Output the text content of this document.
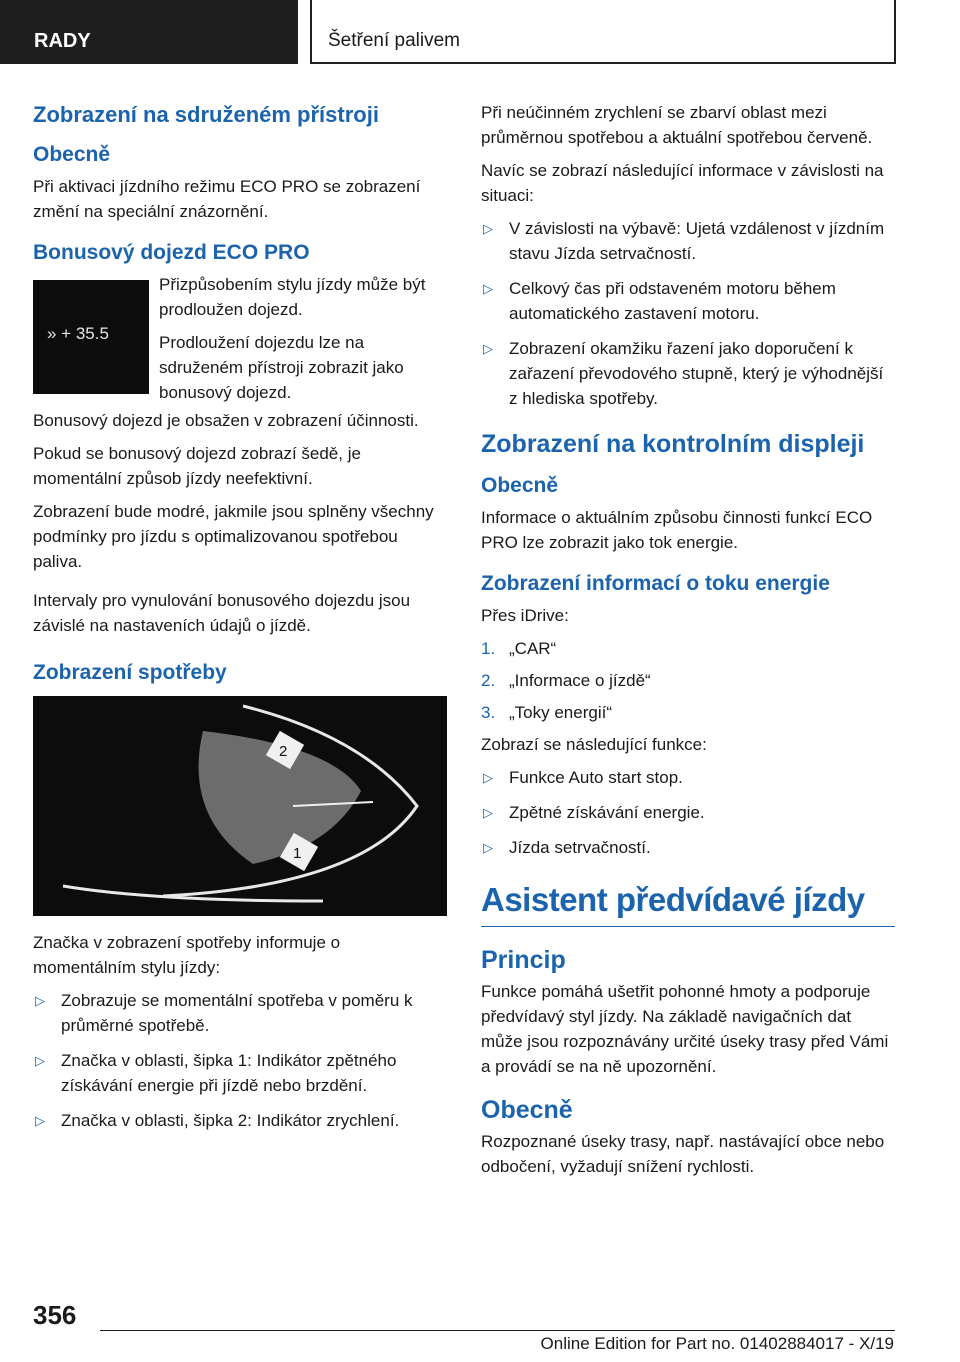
RADY	Šetření palivem
Zobrazení na sdruženém přístroji
Obecně

Při aktivaci jízdního režimu ECO PRO se zobrazení změní na speciální znázornění.

Bonusový dojezd ECO PRO
» + 35.5

Přizpůsobením stylu jízdy může být prodloužen dojezd.

Prodloužení dojezdu lze na sdruženém přístroji zobrazit jako bonusový dojezd.

Bonusový dojezd je obsažen v zobrazení účinnosti.

Pokud se bonusový dojezd zobrazí šedě, je momentální způsob jízdy neefektivní.

Zobrazení bude modré, jakmile jsou splněny všechny podmínky pro jízdu s optimalizovanou spotřebou paliva.

Intervaly pro vynulování bonusového dojezdu jsou závislé na nastaveních údajů o jízdě.

Zobrazení spotřeby
2
1

Značka v zobrazení spotřeby informuje o momentálním stylu jízdy:

▷ Zobrazuje se momentální spotřeba v poměru k průměrné spotřebě.
▷ Značka v oblasti, šipka 1: Indikátor zpětného získávání energie při jízdě nebo brzdění.
▷ Značka v oblasti, šipka 2: Indikátor zrychlení.

Při neúčinném zrychlení se zbarví oblast mezi průměrnou spotřebou a aktuální spotřebou červeně.

Navíc se zobrazí následující informace v závislosti na situaci:

▷ V závislosti na výbavě: Ujetá vzdálenost v jízdním stavu Jízda setrvačností.
▷ Celkový čas při odstaveném motoru během automatického zastavení motoru.
▷ Zobrazení okamžiku řazení jako doporučení k zařazení převodového stupně, který je výhodnější z hlediska spotřeby.
Zobrazení na kontrolním displeji
Obecně

Informace o aktuálním způsobu činnosti funkcí ECO PRO lze zobrazit jako tok energie.

Zobrazení informací o toku energie

Přes iDrive:

1. „CAR“
2. „Informace o jízdě“
3. „Toky energií“

Zobrazí se následující funkce:

▷ Funkce Auto start stop.
▷ Zpětné získávání energie.
▷ Jízda setrvačností.
Asistent předvídavé jízdy
Princip

Funkce pomáhá ušetřit pohonné hmoty a podporuje předvídavý styl jízdy. Na základě navigačních dat může jsou rozpoznávány určité úseky trasy před Vámi a provádí se na ně upozornění.

Obecně

Rozpoznané úseky trasy, např. nastávající obce nebo odbočení, vyžadují snížení rychlosti.

356
Online Edition for Part no. 01402884017 - X/19
